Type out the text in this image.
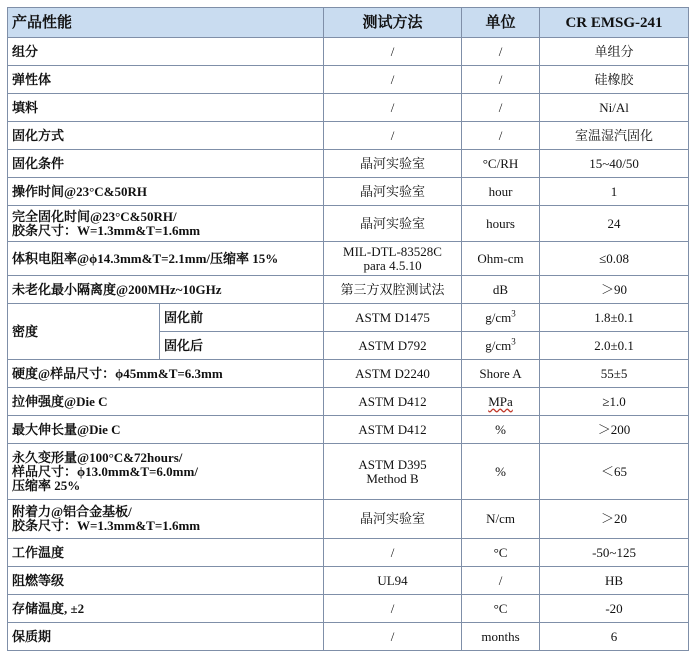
产品性能		测试方法	单位	CR EMSG-241
组分		/	/	单组分
弹性体		/	/	硅橡胶
填料		/	/	Ni/Al
固化方式		/	/	室温湿汽固化
固化条件		晶河实验室	°C/RH	15~40/50
操作时间@23°C&50RH		晶河实验室	hour	1

完全固化时间@23°C&50RH/
胶条尺寸：W=1.3mm&T=1.6mm		晶河实验室	hours	24
体积电阻率@ϕ14.3mm&T=2.1mm/压缩率 15%		MIL-DTL-83528C
para 4.5.10	Ohm-cm	≤0.08
未老化最小隔离度@200MHz~10GHz		第三方双腔测试法	dB	＞90
密度	固化前	ASTM D1475	$g/cm^3$	1.8±0.1
	固化后	ASTM D792	$g/cm^3$	2.0±0.1
硬度@样品尺寸：ϕ45mm&T=6.3mm		ASTM D2240	Shore A	55±5
拉伸强度@Die C		ASTM D412	MPa	≥1.0
最大伸长量@Die C		ASTM D412	%	＞200

永久变形量@100°C&72hours/
样品尺寸：ϕ13.0mm&T=6.0mm/
压缩率 25%		ASTM D395
Method B	%	＜65

附着力@铝合金基板/
胶条尺寸：W=1.3mm&T=1.6mm		晶河实验室	N/cm	＞20
工作温度		/	°C	-50~125
阻燃等级		UL94	/	HB
存储温度, ±2		/	°C	-20
保质期		/	months	6
